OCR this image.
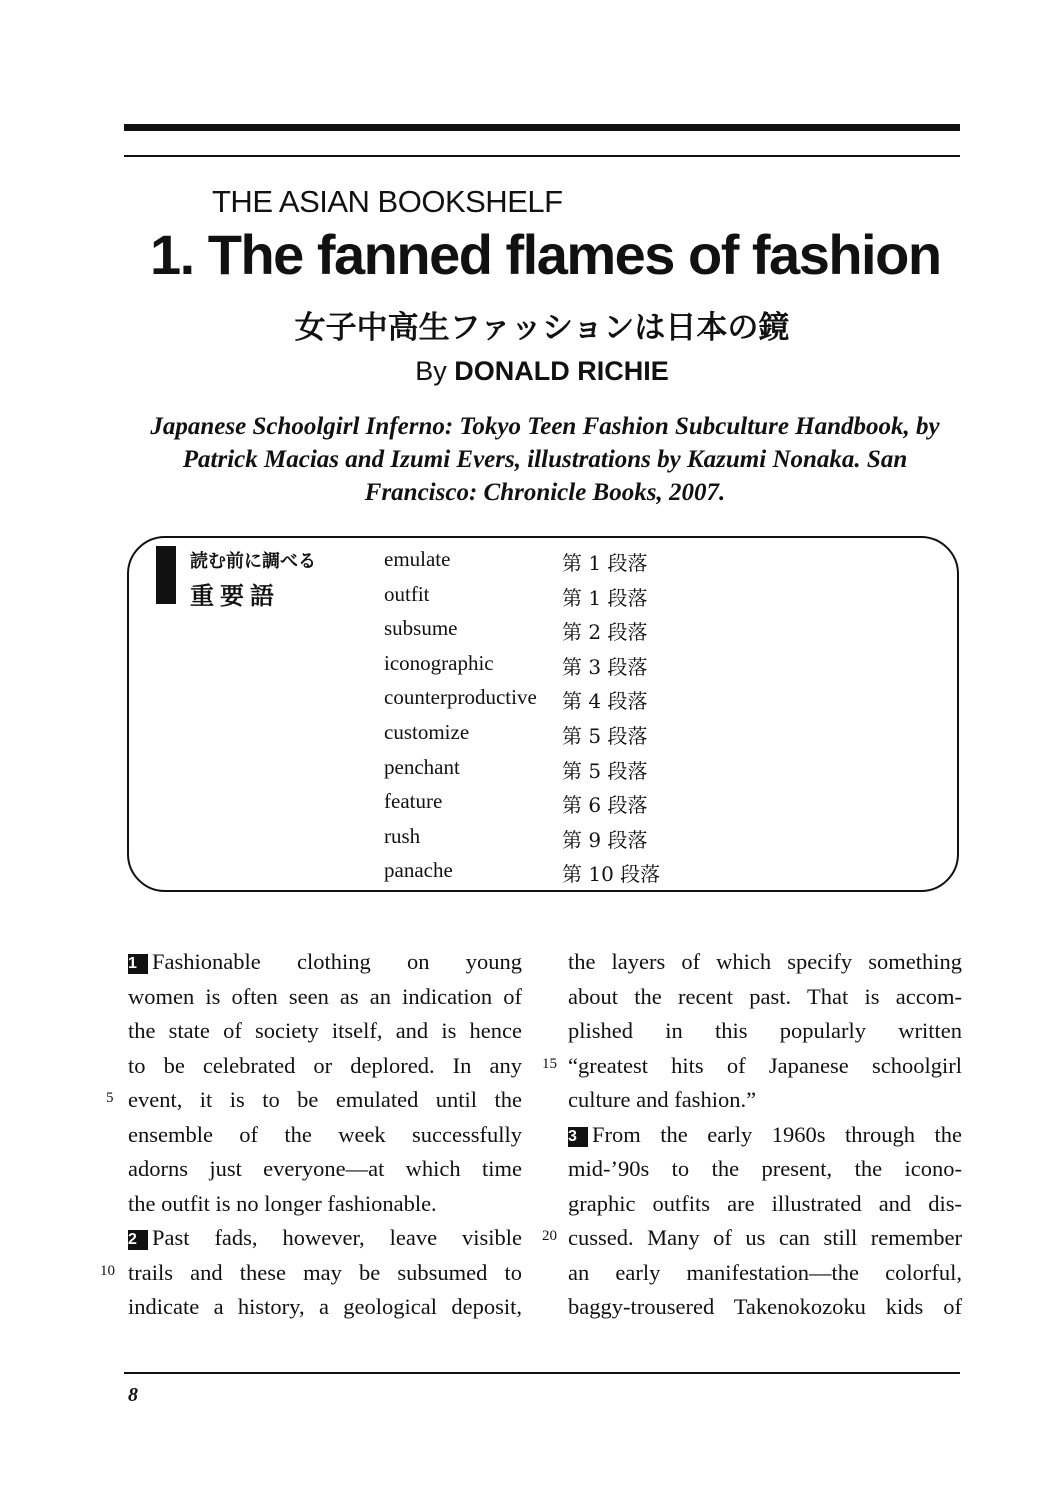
THE ASIAN BOOKSHELF
1. The fanned flames of fashion
女子中高生ファッションは日本の鏡
By DONALD RICHIE
Japanese Schoolgirl Inferno: Tokyo Teen Fashion Subculture Handbook, by Patrick Macias and Izumi Evers, illustrations by Kazumi Nonaka. San Francisco: Chronicle Books, 2007.
読む前に調べる
重要語
emulate	第 1 段落
outfit	第 1 段落
subsume	第 2 段落
iconographic	第 3 段落
counterproductive 第 4 段落
customize	第 5 段落
penchant	第 5 段落
feature	第 6 段落
rush	第 9 段落
panache	第 10 段落
1 Fashionable clothing on young
women is often seen as an indication of
the state of society itself, and is hence
to be celebrated or deplored. In any
event, it is to be emulated until the
ensemble of the week successfully
adorns just everyone—at which time
the outfit is no longer fashionable.
2 Past fads, however, leave visible
trails and these may be subsumed to
indicate a history, a geological deposit,
the layers of which specify something
about the recent past. That is accom-
plished in this popularly written
“greatest hits of Japanese schoolgirl
culture and fashion.”
3 From the early 1960s through the
mid-’90s to the present, the icono-
graphic outfits are illustrated and dis-
cussed. Many of us can still remember
an early manifestation—the colorful,
baggy-trousered Takenokozoku kids of
5
10
15
20
8
